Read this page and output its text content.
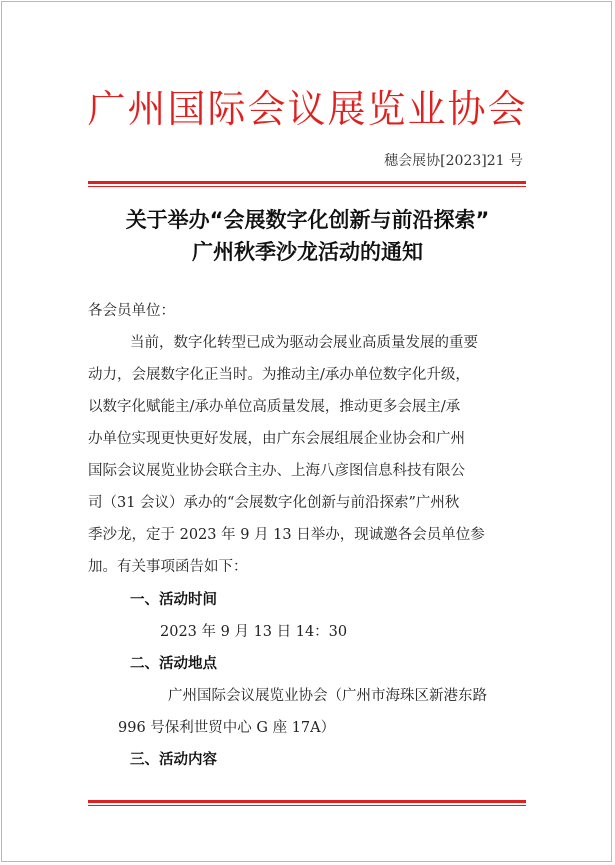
广州国际会议展览业协会
穗会展协[2023]21 号
关于举办“会展数字化创新与前沿探索”
广州秋季沙龙活动的通知
各会员单位：
当前，数字化转型已成为驱动会展业高质量发展的重要
动力，会展数字化正当时。为推动主/承办单位数字化升级，
以数字化赋能主/承办单位高质量发展，推动更多会展主/承
办单位实现更快更好发展，由广东会展组展企业协会和广州
国际会议展览业协会联合主办、上海八彦图信息科技有限公
司（31 会议）承办的“会展数字化创新与前沿探索”广州秋
季沙龙，定于 2023 年 9 月 13 日举办，现诚邀各会员单位参
加。有关事项函告如下：
一、活动时间
2023 年 9 月 13 日 14：30
二、活动地点
广州国际会议展览业协会（广州市海珠区新港东路
996 号保利世贸中心 G 座 17A）
三、活动内容
